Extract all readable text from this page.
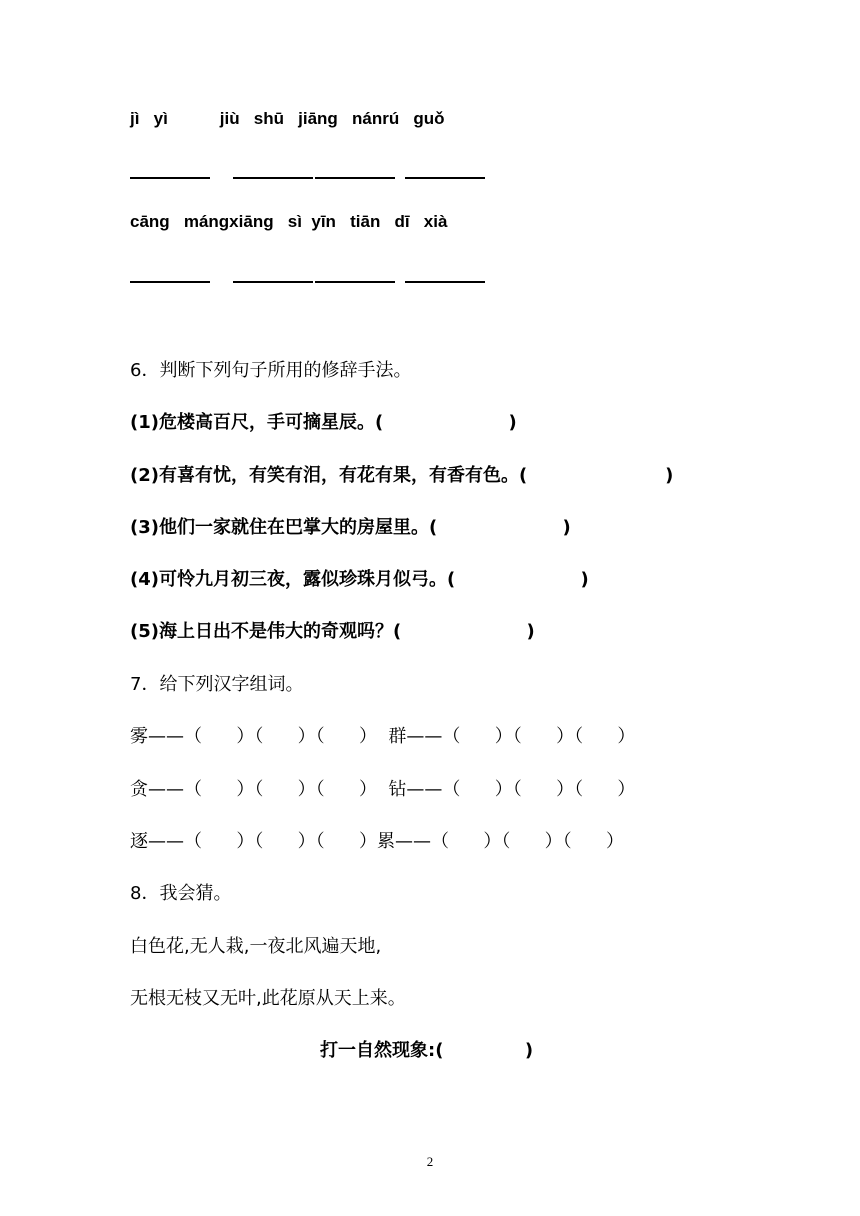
jì   yì           jiù   shū   jiāng   nánrú   guǒ
cāng   mángxiāng   sì  yīn   tiān   dī   xià
6．判断下列句子所用的修辞手法。
(1)危楼高百尺，手可摘星辰。(                    )
(2)有喜有忧，有笑有泪，有花有果，有香有色。(                      )
(3)他们一家就住在巴掌大的房屋里。(                    )
(4)可怜九月初三夜，露似珍珠月似弓。(                    )
(5)海上日出不是伟大的奇观吗？(                    )
7．给下列汉字组词。
雾——（      ）（      ）（      ）  群——（      ）（      ）（      ）
贪——（      ）（      ）（      ）  钻——（      ）（      ）（      ）
逐——（      ）（      ）（      ）累——（      ）（      ）（      ）
8．我会猜。
白色花,无人栽,一夜北风遍天地,
无根无枝又无叶,此花原从天上来。
打一自然现象:(             )
2
